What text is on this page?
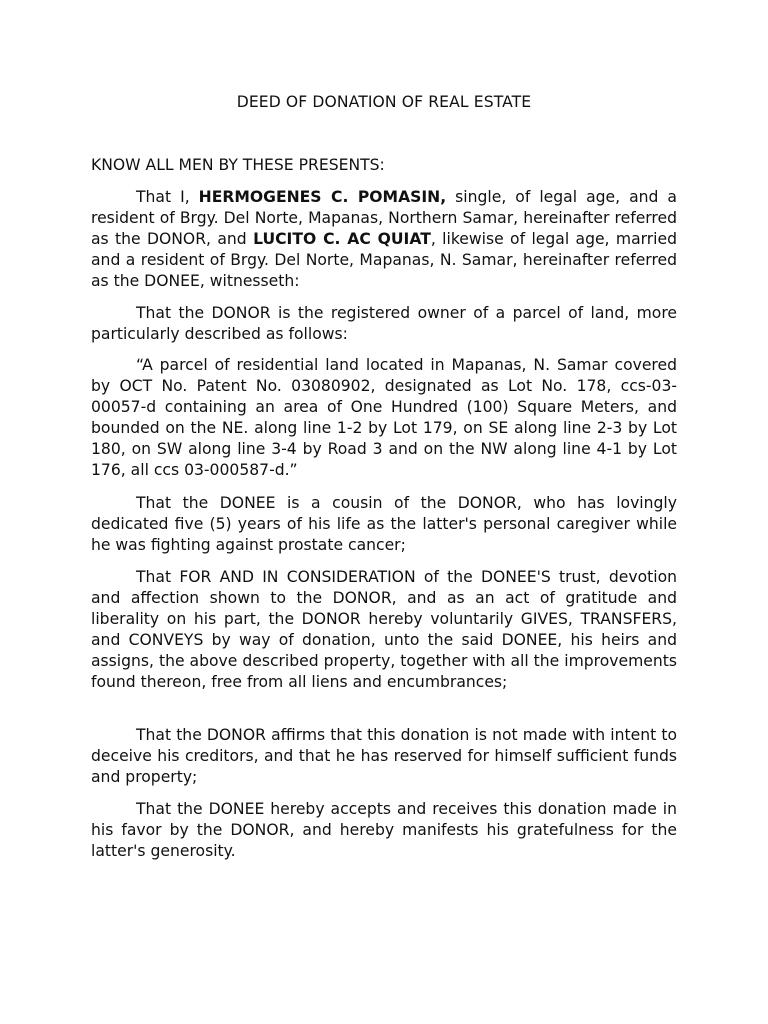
DEED OF DONATION OF REAL ESTATE
KNOW ALL MEN BY THESE PRESENTS:

That I, HERMOGENES C. POMASIN, single, of legal age, and a resident of Brgy. Del Norte, Mapanas, Northern Samar, hereinafter referred as the DONOR, and LUCITO C. AC QUIAT, likewise of legal age, married and a resident of Brgy. Del Norte, Mapanas, N. Samar, hereinafter referred as the DONEE, witnesseth:

That the DONOR is the registered owner of a parcel of land, more particularly described as follows:

“A parcel of residential land located in Mapanas, N. Samar covered by OCT No. Patent No. 03080902, designated as Lot No. 178, ccs-03-00057-d containing an area of One Hundred (100) Square Meters, and bounded on the NE. along line 1-2 by Lot 179, on SE along line 2-3 by Lot 180, on SW along line 3-4 by Road 3 and on the NW along line 4-1 by Lot 176, all ccs 03-000587-d.”

That the DONEE is a cousin of the DONOR, who has lovingly dedicated five (5) years of his life as the latter's personal caregiver while he was fighting against prostate cancer;

That FOR AND IN CONSIDERATION of the DONEE'S trust, devotion and affection shown to the DONOR, and as an act of gratitude and liberality on his part, the DONOR hereby voluntarily GIVES, TRANSFERS, and CONVEYS by way of donation, unto the said DONEE, his heirs and assigns, the above described property, together with all the improvements found thereon, free from all liens and encumbrances;

That the DONOR affirms that this donation is not made with intent to deceive his creditors, and that he has reserved for himself sufficient funds and property;

That the DONEE hereby accepts and receives this donation made in his favor by the DONOR, and hereby manifests his gratefulness for the latter's generosity.
